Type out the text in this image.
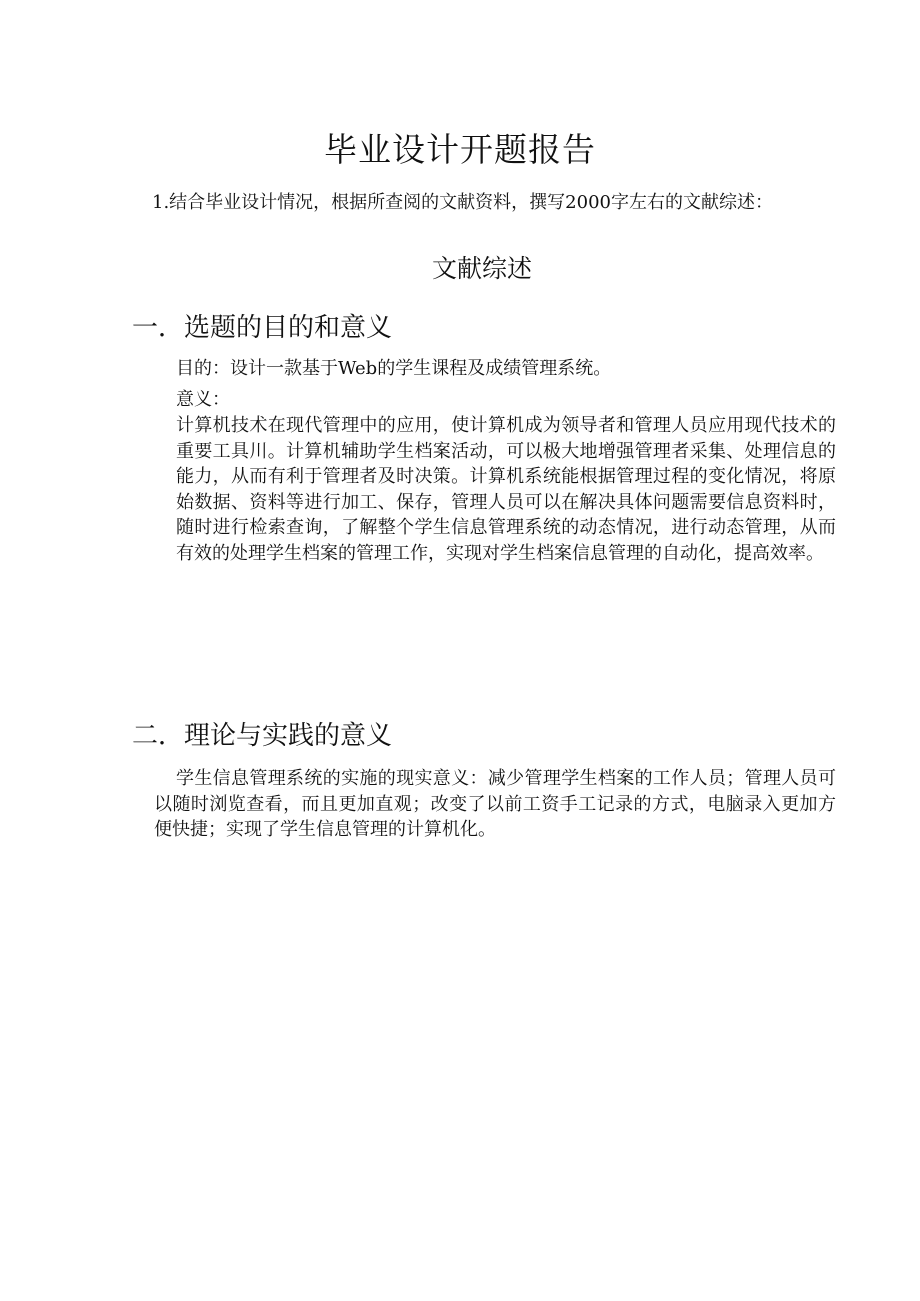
毕业设计开题报告
1.结合毕业设计情况，根据所查阅的文献资料，撰写2000字左右的文献综述：
文献综述
一．选题的目的和意义
目的：设计一款基于Web的学生课程及成绩管理系统。
意义：
计算机技术在现代管理中的应用，使计算机成为领导者和管理人员应用现代技术的重要工具川。计算机辅助学生档案活动，可以极大地增强管理者采集、处理信息的能力，从而有利于管理者及时决策。计算机系统能根据管理过程的变化情况，将原始数据、资料等进行加工、保存，管理人员可以在解决具体问题需要信息资料时，随时进行检索查询，了解整个学生信息管理系统的动态情况，进行动态管理，从而有效的处理学生档案的管理工作，实现对学生档案信息管理的自动化，提高效率。
二．理论与实践的意义
学生信息管理系统的实施的现实意义：减少管理学生档案的工作人员；管理人员可以随时浏览查看，而且更加直观；改变了以前工资手工记录的方式，电脑录入更加方便快捷；实现了学生信息管理的计算机化。
